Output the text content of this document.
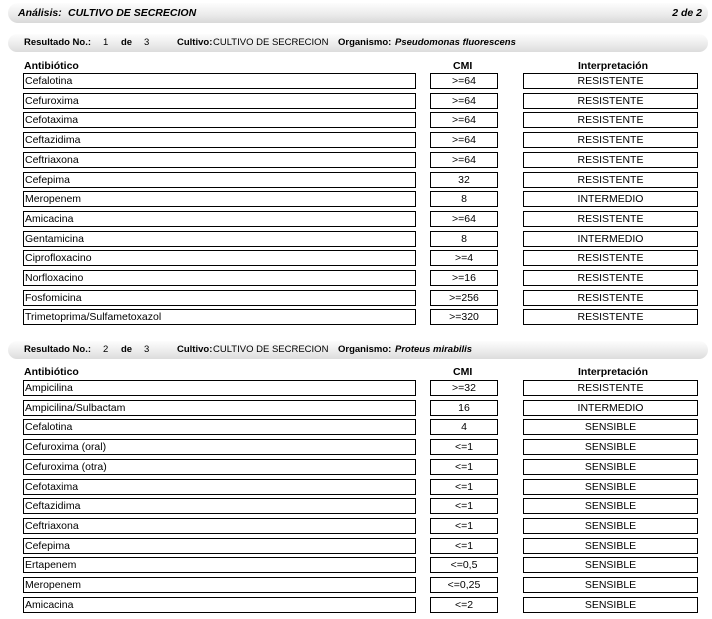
Análisis: CULTIVO DE SECRECION	2 de 2
Resultado No.: 1 de 3	Cultivo: CULTIVO DE SECRECION Organismo: Pseudomonas fluorescens
Antibiótico	CMI	Interpretación
Cefalotina	>=64	RESISTENTE
Cefuroxima	>=64	RESISTENTE
Cefotaxima	>=64	RESISTENTE
Ceftazidima	>=64	RESISTENTE
Ceftriaxona	>=64	RESISTENTE
Cefepima	32	RESISTENTE
Meropenem	8	INTERMEDIO
Amicacina	>=64	RESISTENTE
Gentamicina	8	INTERMEDIO
Ciprofloxacino	>=4	RESISTENTE
Norfloxacino	>=16	RESISTENTE
Fosfomicina	>=256	RESISTENTE
Trimetoprima/Sulfametoxazol	>=320	RESISTENTE
Resultado No.: 2 de 3	Cultivo: CULTIVO DE SECRECION Organismo: Proteus mirabilis
Antibiótico	CMI	Interpretación
Ampicilina	>=32	RESISTENTE
Ampicilina/Sulbactam	16	INTERMEDIO
Cefalotina	4	SENSIBLE
Cefuroxima (oral)	<=1	SENSIBLE
Cefuroxima (otra)	<=1	SENSIBLE
Cefotaxima	<=1	SENSIBLE
Ceftazidima	<=1	SENSIBLE
Ceftriaxona	<=1	SENSIBLE
Cefepima	<=1	SENSIBLE
Ertapenem	<=0,5	SENSIBLE
Meropenem	<=0,25	SENSIBLE
Amicacina	<=2	SENSIBLE
